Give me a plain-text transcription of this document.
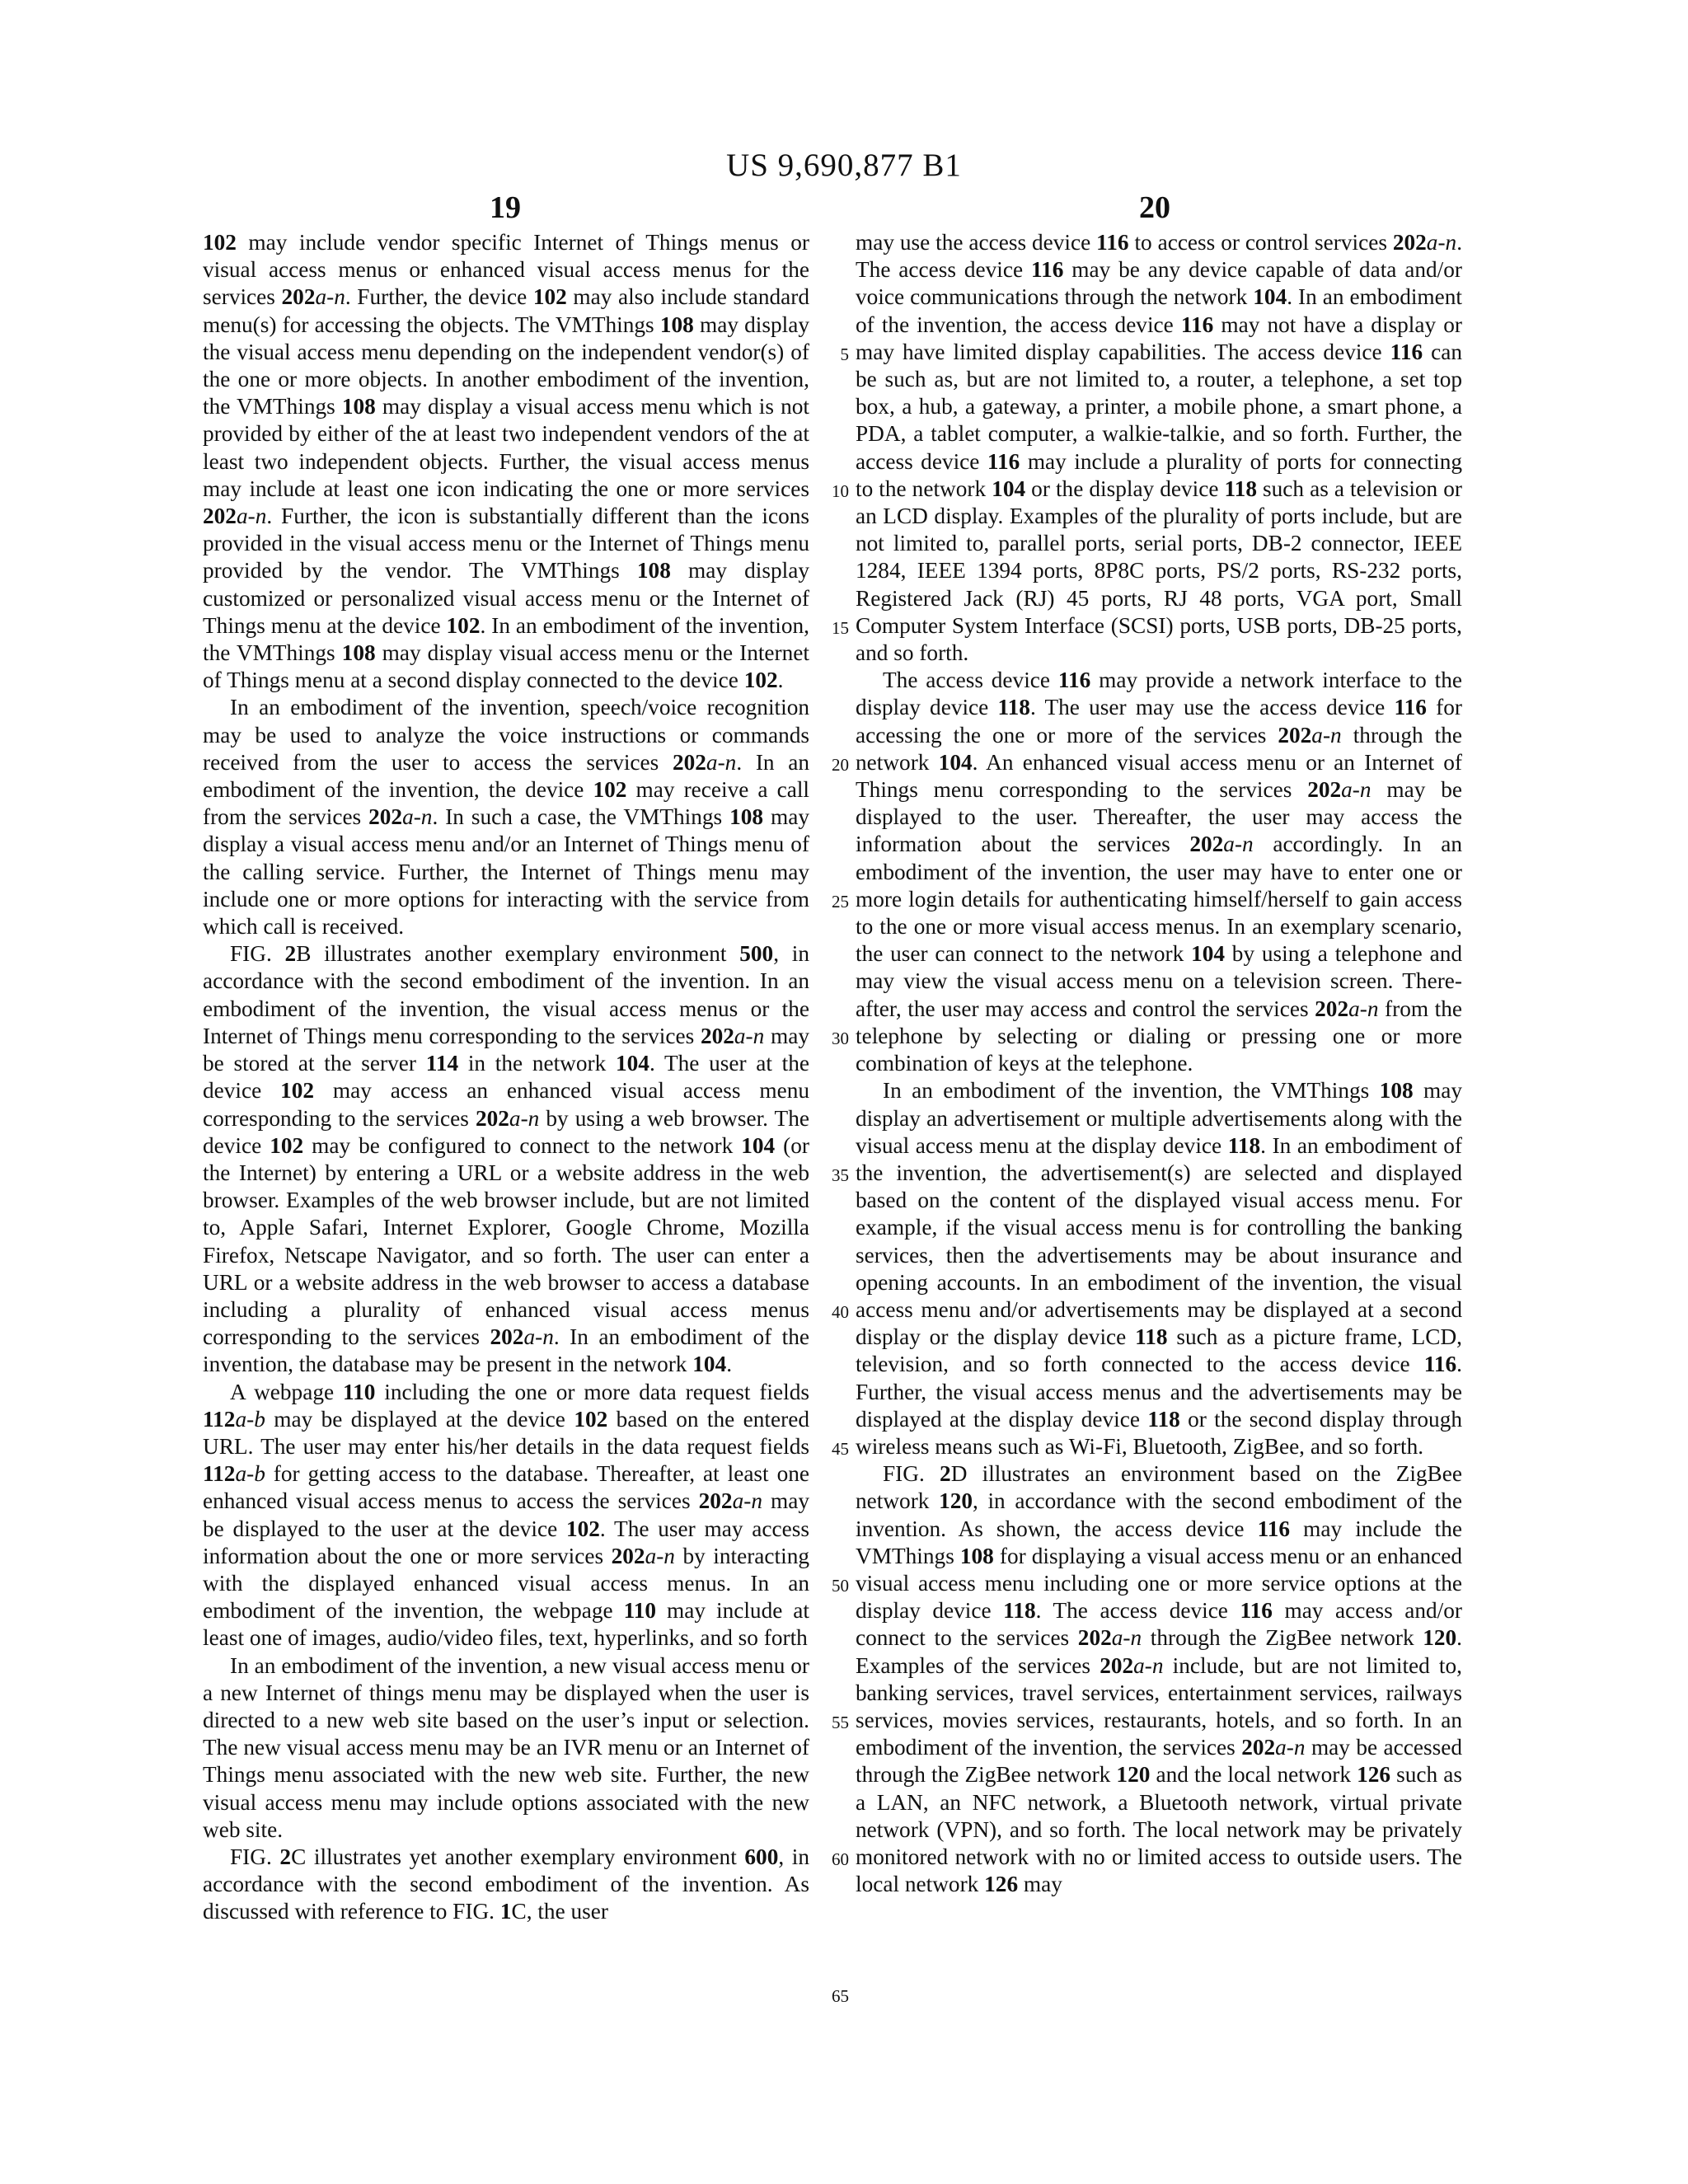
US 9,690,877 B1
19	20

102 may include vendor specific Internet of Things menus or visual access menus or enhanced visual access menus for the services 202a-n. Further, the device 102 may also include standard menu(s) for accessing the objects. The VMThings 108 may display the visual access menu depending on the independent vendor(s) of the one or more objects. In another embodiment of the invention, the VMThings 108 may display a visual access menu which is not provided by either of the at least two independent vendors of the at least two independent objects. Further, the visual access menus may include at least one icon indicating the one or more services 202a-n. Further, the icon is substantially different than the icons provided in the visual access menu or the Internet of Things menu provided by the vendor. The VMThings 108 may display customized or personalized visual access menu or the Internet of Things menu at the device 102. In an embodiment of the invention, the VMThings 108 may display visual access menu or the Internet of Things menu at a second display connected to the device 102.

In an embodiment of the invention, speech/voice recognition may be used to analyze the voice instructions or commands received from the user to access the services 202a-n. In an embodiment of the invention, the device 102 may receive a call from the services 202a-n. In such a case, the VMThings 108 may display a visual access menu and/or an Internet of Things menu of the calling service. Further, the Internet of Things menu may include one or more options for interacting with the service from which call is received.

FIG. 2B illustrates another exemplary environment 500, in accordance with the second embodiment of the invention. In an embodiment of the invention, the visual access menus or the Internet of Things menu corresponding to the services 202a-n may be stored at the server 114 in the network 104. The user at the device 102 may access an enhanced visual access menu corresponding to the services 202a-n by using a web browser. The device 102 may be configured to connect to the network 104 (or the Internet) by entering a URL or a website address in the web browser. Examples of the web browser include, but are not limited to, Apple Safari, Internet Explorer, Google Chrome, Mozilla Firefox, Netscape Navigator, and so forth. The user can enter a URL or a website address in the web browser to access a database including a plurality of enhanced visual access menus corresponding to the services 202a-n. In an embodiment of the invention, the database may be present in the network 104.

A webpage 110 including the one or more data request fields 112a-b may be displayed at the device 102 based on the entered URL. The user may enter his/her details in the data request fields 112a-b for getting access to the database. Thereafter, at least one enhanced visual access menus to access the services 202a-n may be displayed to the user at the device 102. The user may access information about the one or more services 202a-n by interacting with the displayed enhanced visual access menus. In an embodiment of the invention, the webpage 110 may include at least one of images, audio/video files, text, hyperlinks, and so forth

In an embodiment of the invention, a new visual access menu or a new Internet of things menu may be displayed when the user is directed to a new web site based on the user’s input or selection. The new visual access menu may be an IVR menu or an Internet of Things menu associated with the new web site. Further, the new visual access menu may include options associated with the new web site.

FIG. 2C illustrates yet another exemplary environment 600, in accordance with the second embodiment of the invention. As discussed with reference to FIG. 1C, the user

5
10
15
20
25
30
35
40
45
50
55
60
65

may use the access device 116 to access or control services 202a-n. The access device 116 may be any device capable of data and/or voice communications through the network 104. In an embodiment of the invention, the access device 116 may not have a display or may have limited display capabilities. The access device 116 can be such as, but are not limited to, a router, a telephone, a set top box, a hub, a gateway, a printer, a mobile phone, a smart phone, a PDA, a tablet computer, a walkie-talkie, and so forth. Further, the access device 116 may include a plurality of ports for connecting to the network 104 or the display device 118 such as a television or an LCD display. Examples of the plurality of ports include, but are not limited to, parallel ports, serial ports, DB-2 connector, IEEE 1284, IEEE 1394 ports, 8P8C ports, PS/2 ports, RS-232 ports, Registered Jack (RJ) 45 ports, RJ 48 ports, VGA port, Small Computer System Interface (SCSI) ports, USB ports, DB-25 ports, and so forth.

The access device 116 may provide a network interface to the display device 118. The user may use the access device 116 for accessing the one or more of the services 202a-n through the network 104. An enhanced visual access menu or an Internet of Things menu corresponding to the services 202a-n may be displayed to the user. Thereafter, the user may access the information about the services 202a-n accordingly. In an embodiment of the invention, the user may have to enter one or more login details for authenticating himself/herself to gain access to the one or more visual access menus. In an exemplary scenario, the user can connect to the network 104 by using a telephone and may view the visual access menu on a television screen. Thereafter, the user may access and control the services 202a-n from the telephone by selecting or dialing or pressing one or more combination of keys at the telephone.

In an embodiment of the invention, the VMThings 108 may display an advertisement or multiple advertisements along with the visual access menu at the display device 118. In an embodiment of the invention, the advertisement(s) are selected and displayed based on the content of the displayed visual access menu. For example, if the visual access menu is for controlling the banking services, then the advertisements may be about insurance and opening accounts. In an embodiment of the invention, the visual access menu and/or advertisements may be displayed at a second display or the display device 118 such as a picture frame, LCD, television, and so forth connected to the access device 116. Further, the visual access menus and the advertisements may be displayed at the display device 118 or the second display through wireless means such as Wi-Fi, Bluetooth, ZigBee, and so forth.

FIG. 2D illustrates an environment based on the ZigBee network 120, in accordance with the second embodiment of the invention. As shown, the access device 116 may include the VMThings 108 for displaying a visual access menu or an enhanced visual access menu including one or more service options at the display device 118. The access device 116 may access and/or connect to the services 202a-n through the ZigBee network 120. Examples of the services 202a-n include, but are not limited to, banking services, travel services, entertainment services, railways services, movies services, restaurants, hotels, and so forth. In an embodiment of the invention, the services 202a-n may be accessed through the ZigBee network 120 and the local network 126 such as a LAN, an NFC network, a Bluetooth network, virtual private network (VPN), and so forth. The local network may be privately monitored network with no or limited access to outside users. The local network 126 may
